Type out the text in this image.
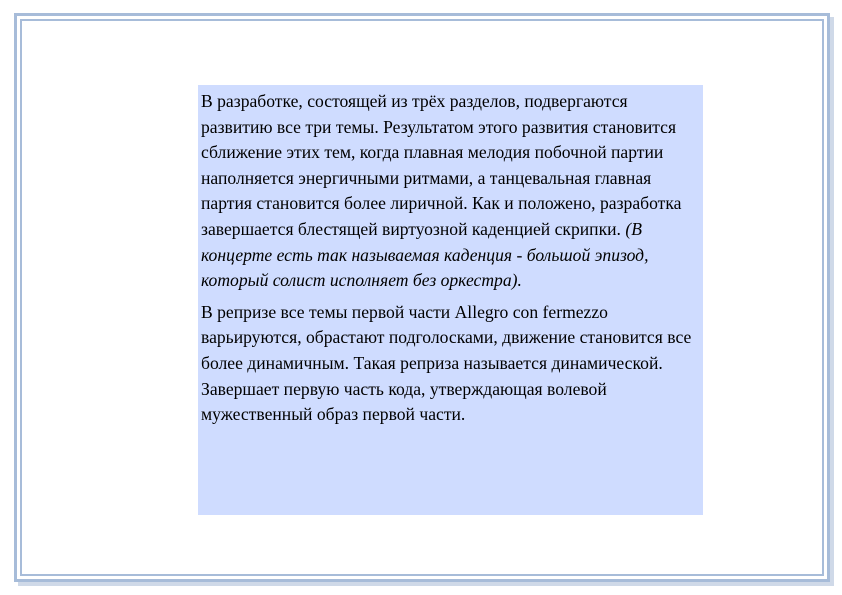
В разработке, состоящей из трёх разделов, подвергаются развитию все три темы. Результатом этого развития становится сближение этих тем, когда плавная мелодия побочной партии наполняется энергичными ритмами, а танцевальная главная партия становится более лиричной. Как и положено, разработка завершается блестящей виртуозной каденцией скрипки. (В концерте есть так называемая каденция - большой эпизод, который солист исполняет без оркестра).

В репризе все темы первой части Allegro con fermezzo варьируются, обрастают подголосками, движение становится все более динамичным. Такая реприза называется динамической. Завершает первую часть кода, утверждающая волевой мужественный образ первой части.
